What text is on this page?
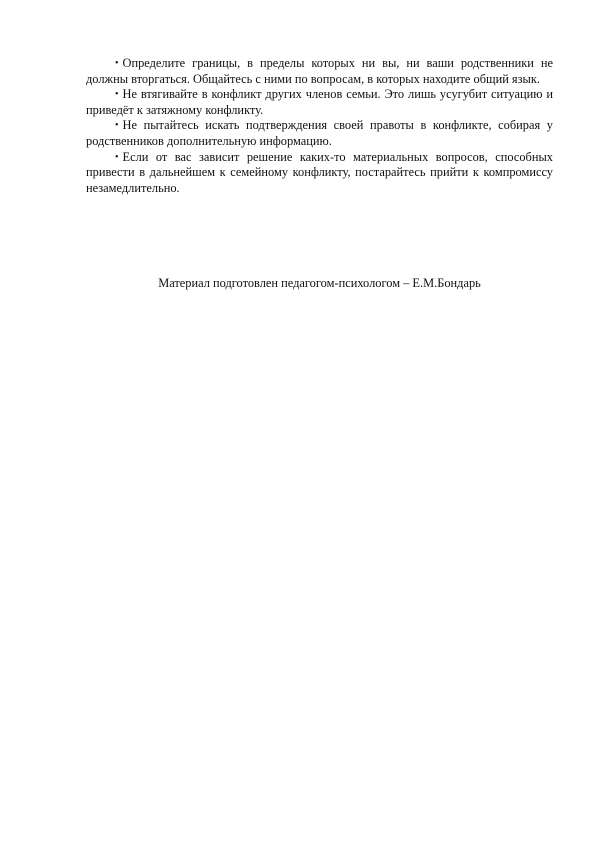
• Определите границы, в пределы которых ни вы, ни ваши родственники не должны вторгаться. Общайтесь с ними по вопросам, в которых находите общий язык.

• Не втягивайте в конфликт других членов семьи. Это лишь усугубит ситуацию и приведёт к затяжному конфликту.

• Не пытайтесь искать подтверждения своей правоты в конфликте, собирая у родственников дополнительную информацию.

• Если от вас зависит решение каких-то материальных вопросов, способных привести в дальнейшем к семейному конфликту, постарайтесь прийти к компромиссу незамедлительно.

Материал подготовлен педагогом-психологом – Е.М.Бондарь
